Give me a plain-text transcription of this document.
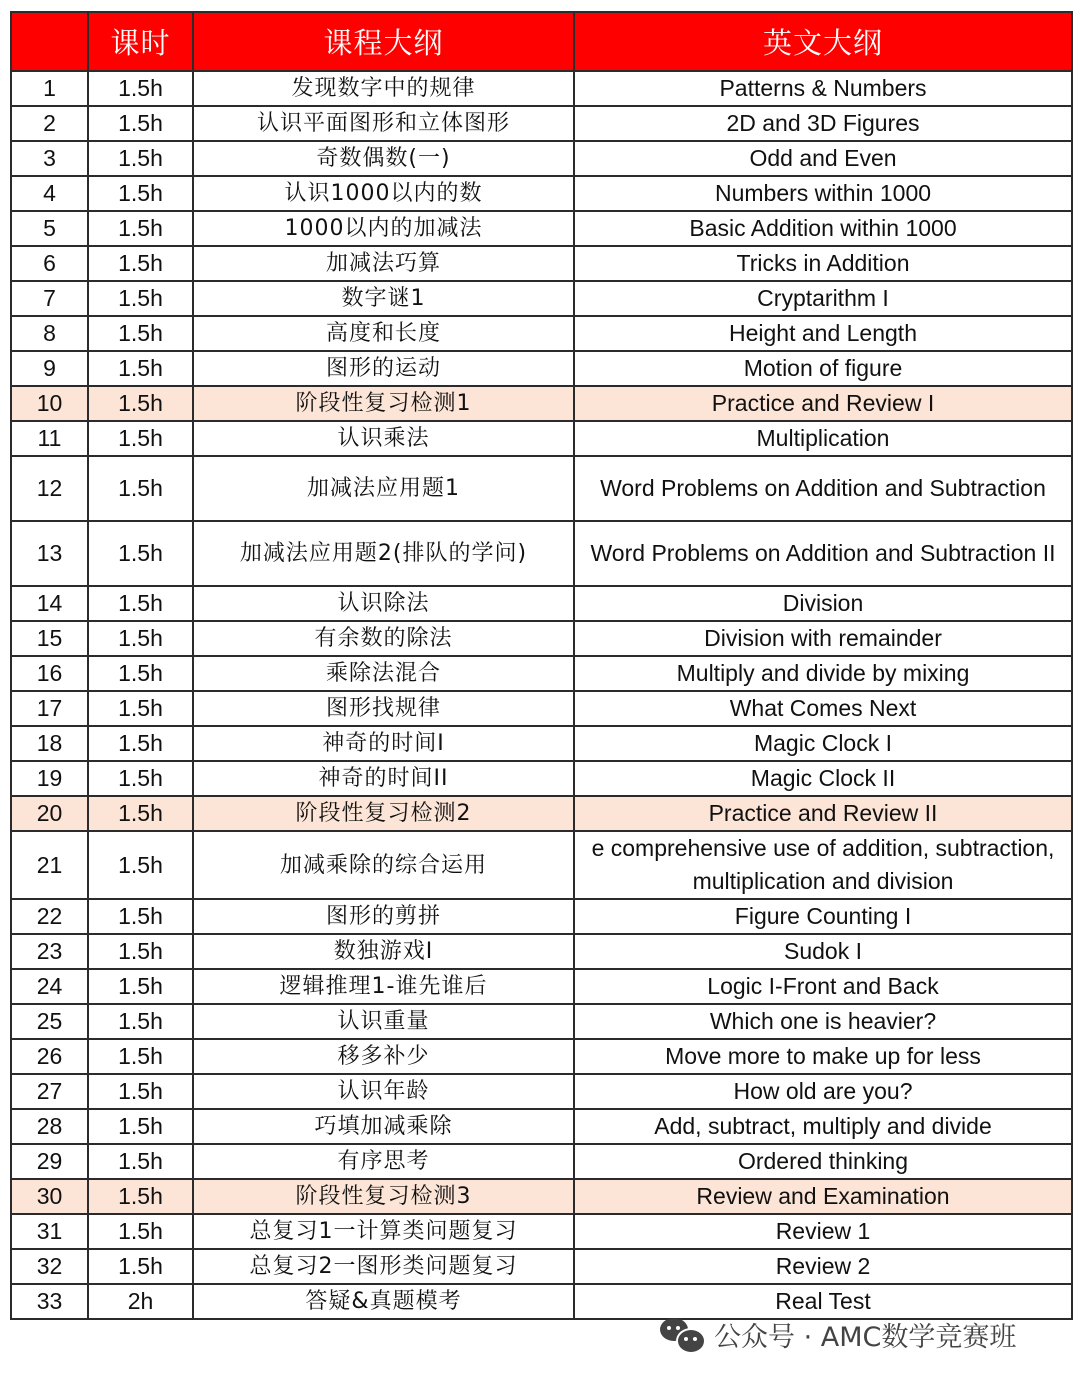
	课时	课程大纲	英文大纲
1	1.5h	发现数字中的规律	Patterns & Numbers
2	1.5h	认识平面图形和立体图形	2D and 3D Figures
3	1.5h	奇数偶数(一)	Odd and Even
4	1.5h	认识1000以内的数	Numbers within 1000
5	1.5h	1000以内的加减法	Basic Addition within 1000
6	1.5h	加减法巧算	Tricks in Addition
7	1.5h	数字谜1	Cryptarithm I
8	1.5h	高度和长度	Height and Length
9	1.5h	图形的运动	Motion of figure
10	1.5h	阶段性复习检测1	Practice and Review I
11	1.5h	认识乘法	Multiplication
12	1.5h	加减法应用题1	Word Problems on Addition and Subtraction
13	1.5h	加减法应用题2(排队的学问)	Word Problems on Addition and Subtraction II
14	1.5h	认识除法	Division
15	1.5h	有余数的除法	Division with remainder
16	1.5h	乘除法混合	Multiply and divide by mixing
17	1.5h	图形找规律	What Comes Next
18	1.5h	神奇的时间I	Magic Clock I
19	1.5h	神奇的时间II	Magic Clock II
20	1.5h	阶段性复习检测2	Practice and Review II
21	1.5h	加减乘除的综合运用	e comprehensive use of addition, subtraction, multiplication and division
22	1.5h	图形的剪拼	Figure Counting I
23	1.5h	数独游戏I	Sudok I
24	1.5h	逻辑推理1-谁先谁后	Logic I-Front and Back
25	1.5h	认识重量	Which one is heavier?
26	1.5h	移多补少	Move more to make up for less
27	1.5h	认识年龄	How old are you?
28	1.5h	巧填加减乘除	Add, subtract, multiply and divide
29	1.5h	有序思考	Ordered thinking
30	1.5h	阶段性复习检测3	Review and Examination
31	1.5h	总复习1一计算类问题复习	Review 1
32	1.5h	总复习2一图形类问题复习	Review 2
33	2h	答疑&真题模考	Real Test
公众号 · AMC数学竞赛班
